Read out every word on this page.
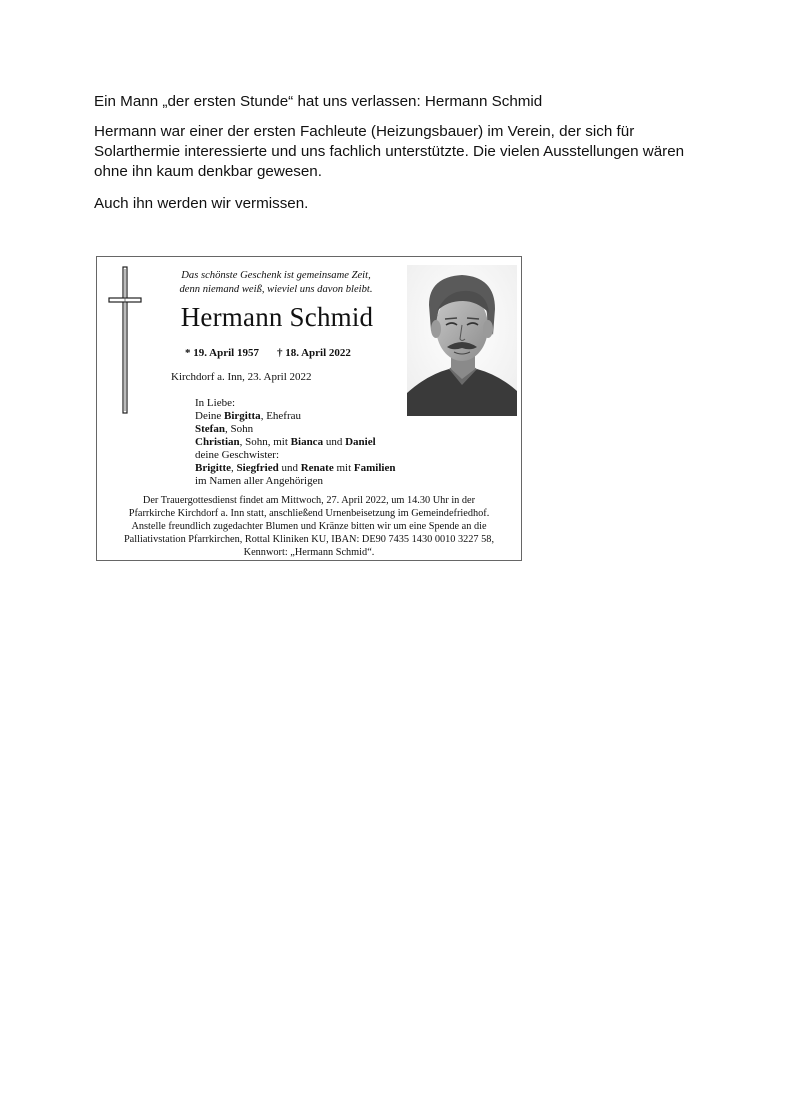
Ein Mann „der ersten Stunde“ hat uns verlassen: Hermann Schmid

Hermann war einer der ersten Fachleute (Heizungsbauer) im Verein, der sich für Solarthermie interessierte und uns fachlich unterstützte. Die vielen Ausstellungen wären ohne ihn kaum denkbar gewesen.

Auch ihn werden wir vermissen.

Das schönste Geschenk ist gemeinsame Zeit,
denn niemand weiß, wieviel uns davon bleibt.
Hermann Schmid
* 19. April 1957 † 18. April 2022
Kirchdorf a. Inn, 23. April 2022
In Liebe:
Deine Birgitta, Ehefrau
Stefan, Sohn
Christian, Sohn, mit Bianca und Daniel
deine Geschwister:
Brigitte, Siegfried und Renate mit Familien
im Namen aller Angehörigen
Der Trauergottesdienst findet am Mittwoch, 27. April 2022, um 14.30 Uhr in der
Pfarrkirche Kirchdorf a. Inn statt, anschließend Urnenbeisetzung im Gemeindefriedhof.
Anstelle freundlich zugedachter Blumen und Kränze bitten wir um eine Spende an die
Palliativstation Pfarrkirchen, Rottal Kliniken KU, IBAN: DE90 7435 1430 0010 3227 58,
Kennwort: „Hermann Schmid“.
